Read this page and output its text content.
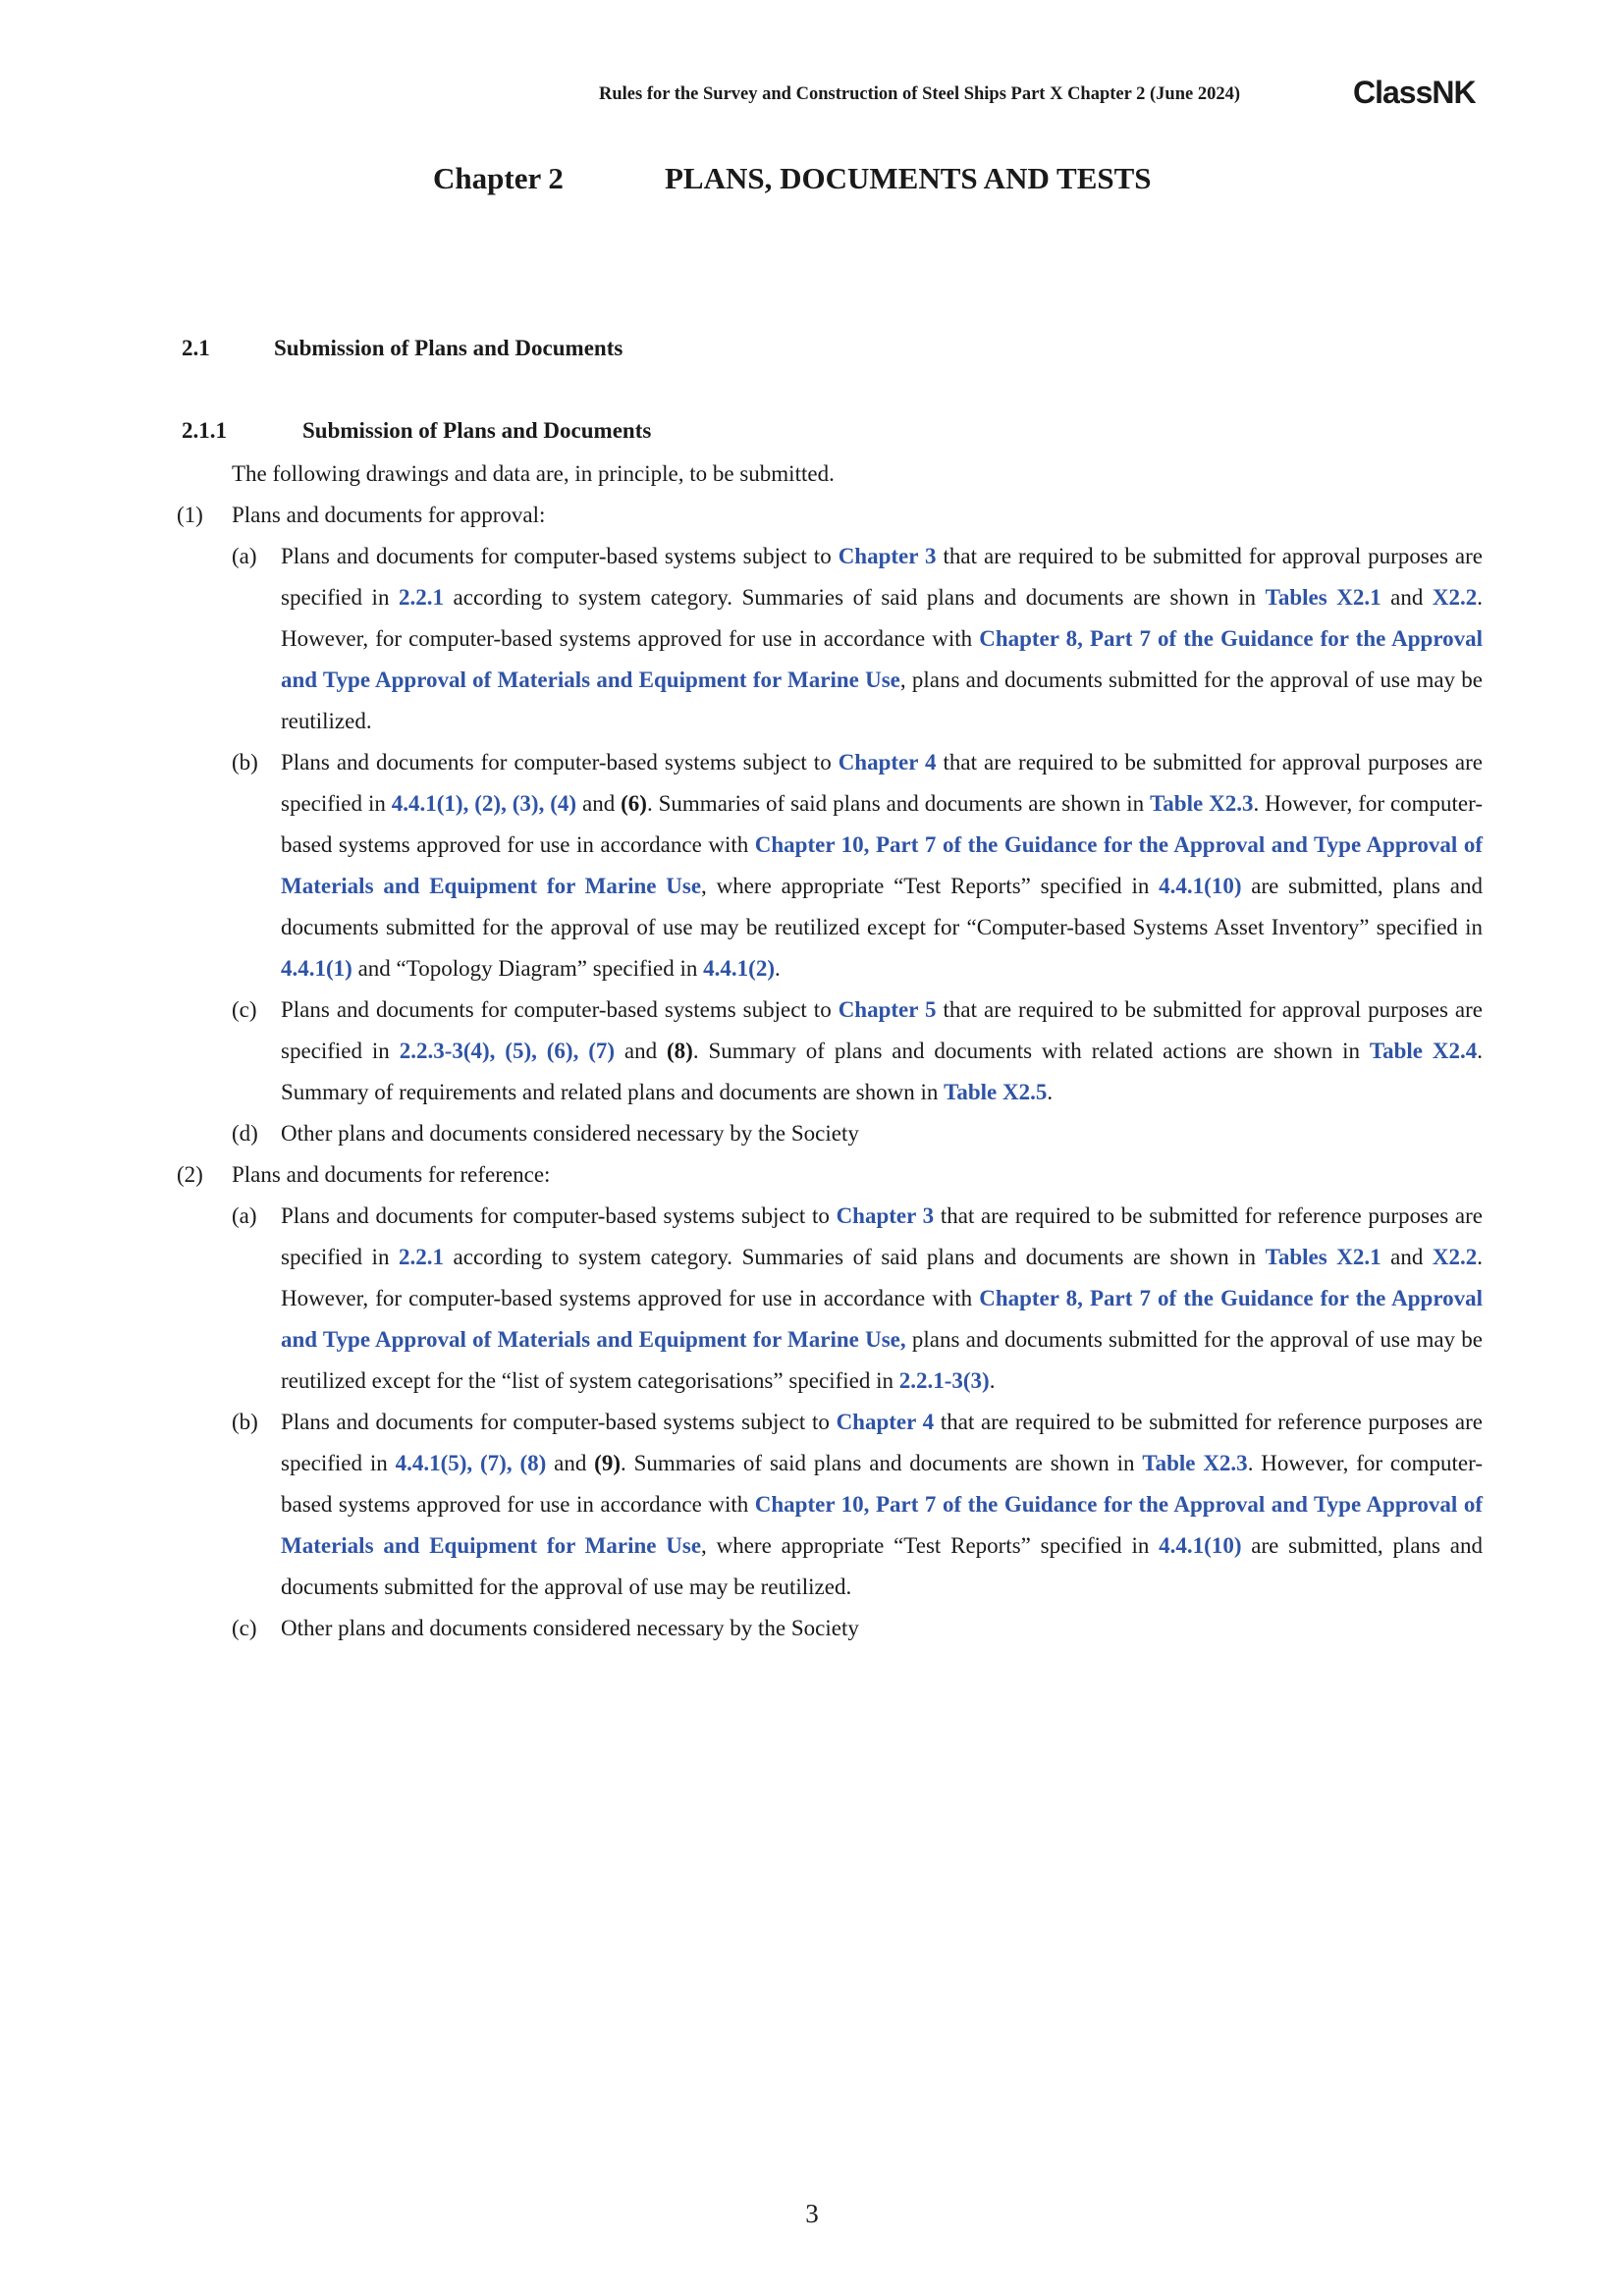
Rules for the Survey and Construction of Steel Ships Part X Chapter 2 (June 2024)	ClassNK
Chapter 2	PLANS, DOCUMENTS AND TESTS
2.1	Submission of Plans and Documents
2.1.1	Submission of Plans and Documents
The following drawings and data are, in principle, to be submitted.
(1) Plans and documents for approval:
(a) Plans and documents for computer-based systems subject to Chapter 3 that are required to be submitted for approval purposes are specified in 2.2.1 according to system category. Summaries of said plans and documents are shown in Tables X2.1 and X2.2. However, for computer-based systems approved for use in accordance with Chapter 8, Part 7 of the Guidance for the Approval and Type Approval of Materials and Equipment for Marine Use, plans and documents submitted for the approval of use may be reutilized.
(b) Plans and documents for computer-based systems subject to Chapter 4 that are required to be submitted for approval purposes are specified in 4.4.1(1), (2), (3), (4) and (6). Summaries of said plans and documents are shown in Table X2.3. However, for computer-based systems approved for use in accordance with Chapter 10, Part 7 of the Guidance for the Approval and Type Approval of Materials and Equipment for Marine Use, where appropriate “Test Reports” specified in 4.4.1(10) are submitted, plans and documents submitted for the approval of use may be reutilized except for “Computer-based Systems Asset Inventory” specified in 4.4.1(1) and “Topology Diagram” specified in 4.4.1(2).
(c) Plans and documents for computer-based systems subject to Chapter 5 that are required to be submitted for approval purposes are specified in 2.2.3-3(4), (5), (6), (7) and (8). Summary of plans and documents with related actions are shown in Table X2.4. Summary of requirements and related plans and documents are shown in Table X2.5.
(d) Other plans and documents considered necessary by the Society
(2) Plans and documents for reference:
(a) Plans and documents for computer-based systems subject to Chapter 3 that are required to be submitted for reference purposes are specified in 2.2.1 according to system category. Summaries of said plans and documents are shown in Tables X2.1 and X2.2. However, for computer-based systems approved for use in accordance with Chapter 8, Part 7 of the Guidance for the Approval and Type Approval of Materials and Equipment for Marine Use, plans and documents submitted for the approval of use may be reutilized except for the “list of system categorisations” specified in 2.2.1-3(3).
(b) Plans and documents for computer-based systems subject to Chapter 4 that are required to be submitted for reference purposes are specified in 4.4.1(5), (7), (8) and (9). Summaries of said plans and documents are shown in Table X2.3. However, for computer-based systems approved for use in accordance with Chapter 10, Part 7 of the Guidance for the Approval and Type Approval of Materials and Equipment for Marine Use, where appropriate “Test Reports” specified in 4.4.1(10) are submitted, plans and documents submitted for the approval of use may be reutilized.
(c) Other plans and documents considered necessary by the Society
3
